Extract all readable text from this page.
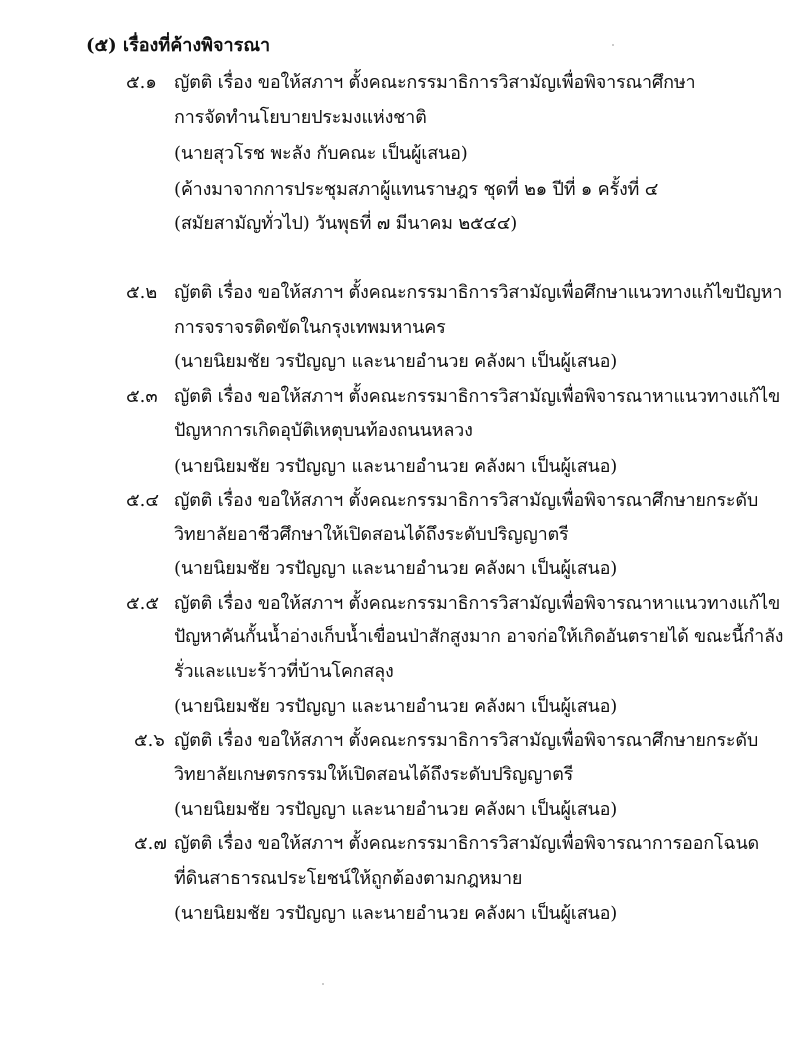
(๕) เรื่องที่ค้างพิจารณา
๕.๑ ญัตติ เรื่อง ขอให้สภาฯ ตั้งคณะกรรมาธิการวิสามัญเพื่อพิจารณาศึกษา
การจัดทำนโยบายประมงแห่งชาติ
(นายสุวโรช พะลัง กับคณะ เป็นผู้เสนอ)
(ค้างมาจากการประชุมสภาผู้แทนราษฎร ชุดที่ ๒๑ ปีที่ ๑ ครั้งที่ ๔
(สมัยสามัญทั่วไป) วันพุธที่ ๗ มีนาคม ๒๕๔๔)
๕.๒ ญัตติ เรื่อง ขอให้สภาฯ ตั้งคณะกรรมาธิการวิสามัญเพื่อศึกษาแนวทางแก้ไขปัญหา
การจราจรติดขัดในกรุงเทพมหานคร
(นายนิยมชัย วรปัญญา และนายอำนวย คลังผา เป็นผู้เสนอ)
๕.๓ ญัตติ เรื่อง ขอให้สภาฯ ตั้งคณะกรรมาธิการวิสามัญเพื่อพิจารณาหาแนวทางแก้ไข
ปัญหาการเกิดอุบัติเหตุบนท้องถนนหลวง
(นายนิยมชัย วรปัญญา และนายอำนวย คลังผา เป็นผู้เสนอ)
๕.๔ ญัตติ เรื่อง ขอให้สภาฯ ตั้งคณะกรรมาธิการวิสามัญเพื่อพิจารณาศึกษายกระดับ
วิทยาลัยอาชีวศึกษาให้เปิดสอนได้ถึงระดับปริญญาตรี
(นายนิยมชัย วรปัญญา และนายอำนวย คลังผา เป็นผู้เสนอ)
๕.๕ ญัตติ เรื่อง ขอให้สภาฯ ตั้งคณะกรรมาธิการวิสามัญเพื่อพิจารณาหาแนวทางแก้ไข
ปัญหาคันกั้นน้ำอ่างเก็บน้ำเขื่อนป่าสักสูงมาก อาจก่อให้เกิดอันตรายได้ ขณะนี้กำลัง
รั่วและแบะร้าวที่บ้านโคกสลุง
(นายนิยมชัย วรปัญญา และนายอำนวย คลังผา เป็นผู้เสนอ)
๕.๖ ญัตติ เรื่อง ขอให้สภาฯ ตั้งคณะกรรมาธิการวิสามัญเพื่อพิจารณาศึกษายกระดับ
วิทยาลัยเกษตรกรรมให้เปิดสอนได้ถึงระดับปริญญาตรี
(นายนิยมชัย วรปัญญา และนายอำนวย คลังผา เป็นผู้เสนอ)
๕.๗ ญัตติ เรื่อง ขอให้สภาฯ ตั้งคณะกรรมาธิการวิสามัญเพื่อพิจารณาการออกโฉนด
ที่ดินสาธารณประโยชน์ให้ถูกต้องตามกฎหมาย
(นายนิยมชัย วรปัญญา และนายอำนวย คลังผา เป็นผู้เสนอ)
